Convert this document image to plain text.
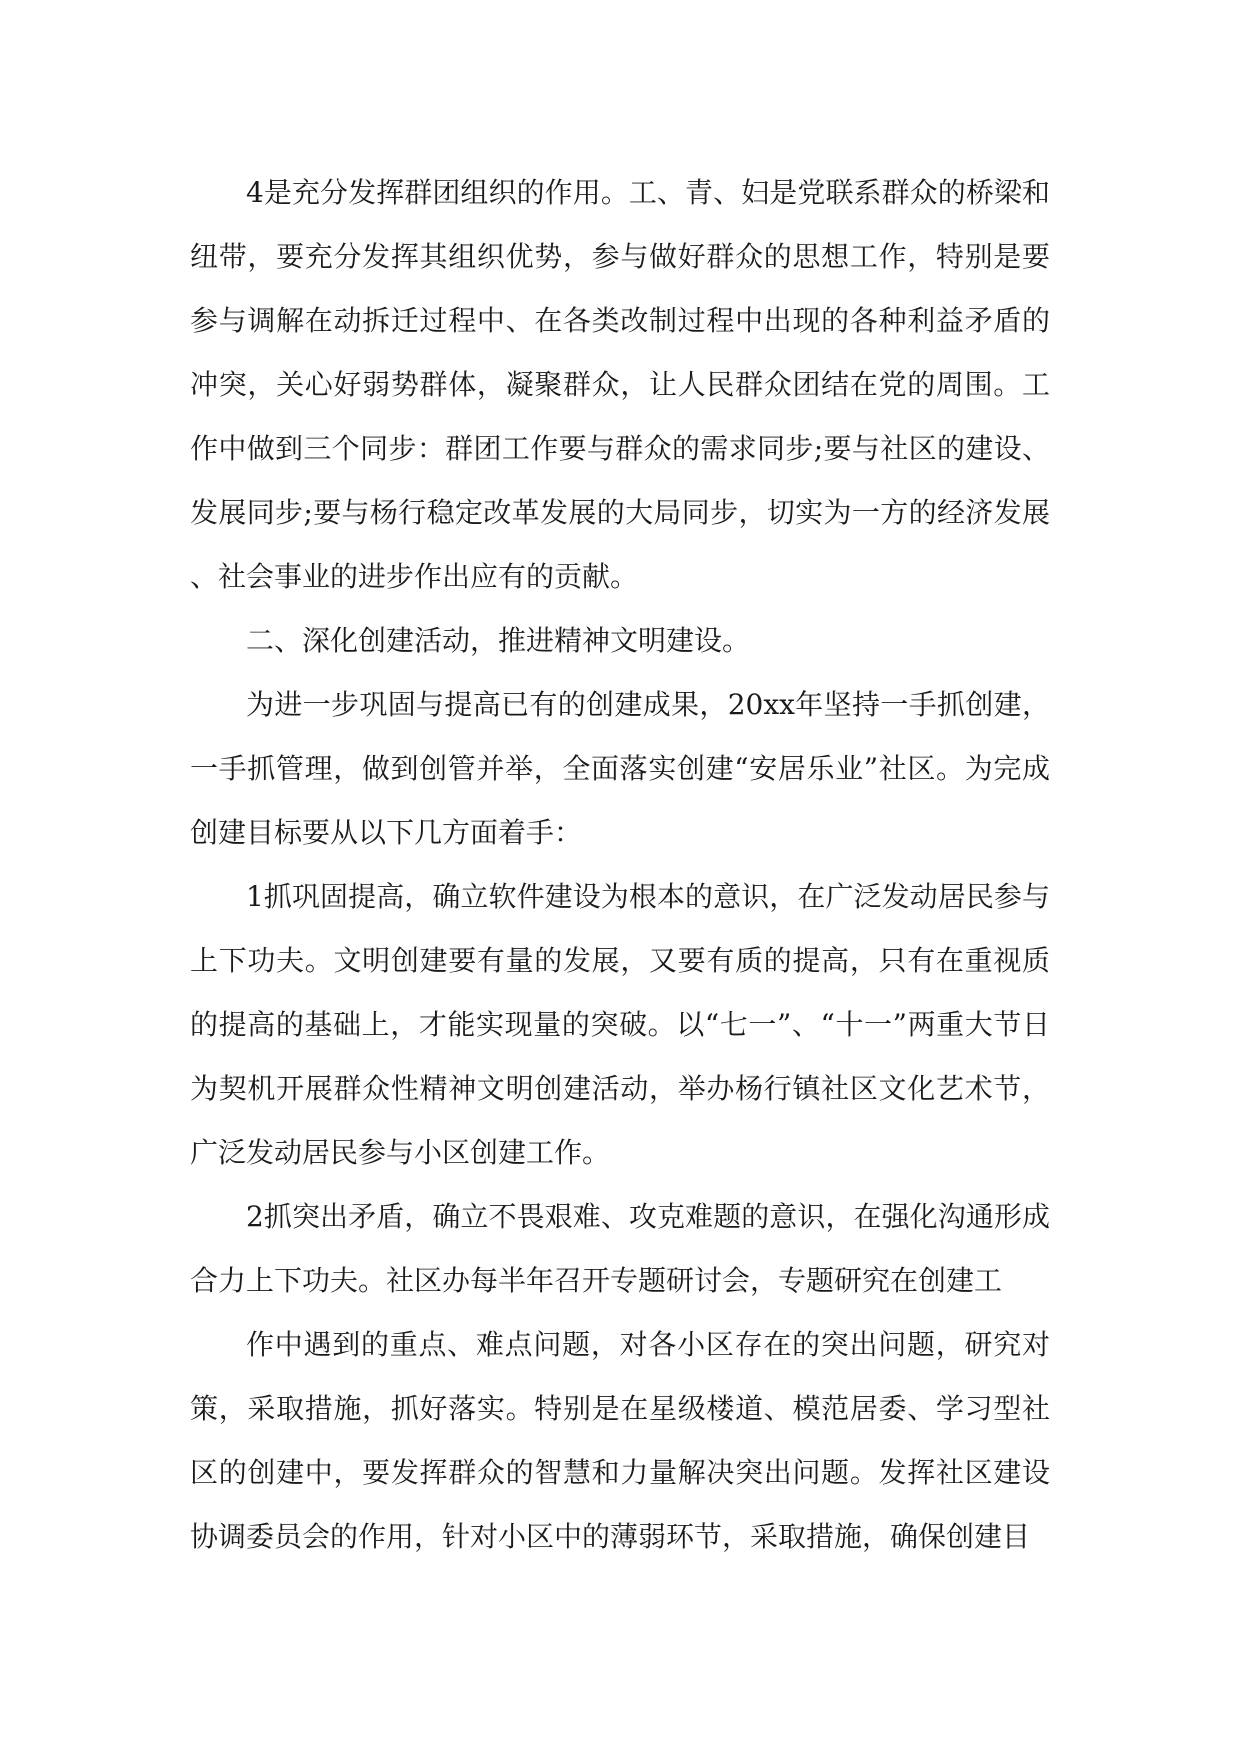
4是充分发挥群团组织的作用。工、青、妇是党联系群众的桥梁和纽带，要充分发挥其组织优势，参与做好群众的思想工作，特别是要参与调解在动拆迁过程中、在各类改制过程中出现的各种利益矛盾的冲突，关心好弱势群体，凝聚群众，让人民群众团结在党的周围。工作中做到三个同步：群团工作要与群众的需求同步;要与社区的建设、发展同步;要与杨行稳定改革发展的大局同步，切实为一方的经济发展、社会事业的进步作出应有的贡献。

二、深化创建活动，推进精神文明建设。

为进一步巩固与提高已有的创建成果，20xx年坚持一手抓创建，一手抓管理，做到创管并举，全面落实创建“安居乐业”社区。为完成创建目标要从以下几方面着手：

1抓巩固提高，确立软件建设为根本的意识，在广泛发动居民参与上下功夫。文明创建要有量的发展，又要有质的提高，只有在重视质的提高的基础上，才能实现量的突破。以“七一”、“十一”两重大节日为契机开展群众性精神文明创建活动，举办杨行镇社区文化艺术节，广泛发动居民参与小区创建工作。

2抓突出矛盾，确立不畏艰难、攻克难题的意识，在强化沟通形成合力上下功夫。社区办每半年召开专题研讨会，专题研究在创建工

作中遇到的重点、难点问题，对各小区存在的突出问题，研究对策，采取措施，抓好落实。特别是在星级楼道、模范居委、学习型社区的创建中，要发挥群众的智慧和力量解决突出问题。发挥社区建设协调委员会的作用，针对小区中的薄弱环节，采取措施，确保创建目
